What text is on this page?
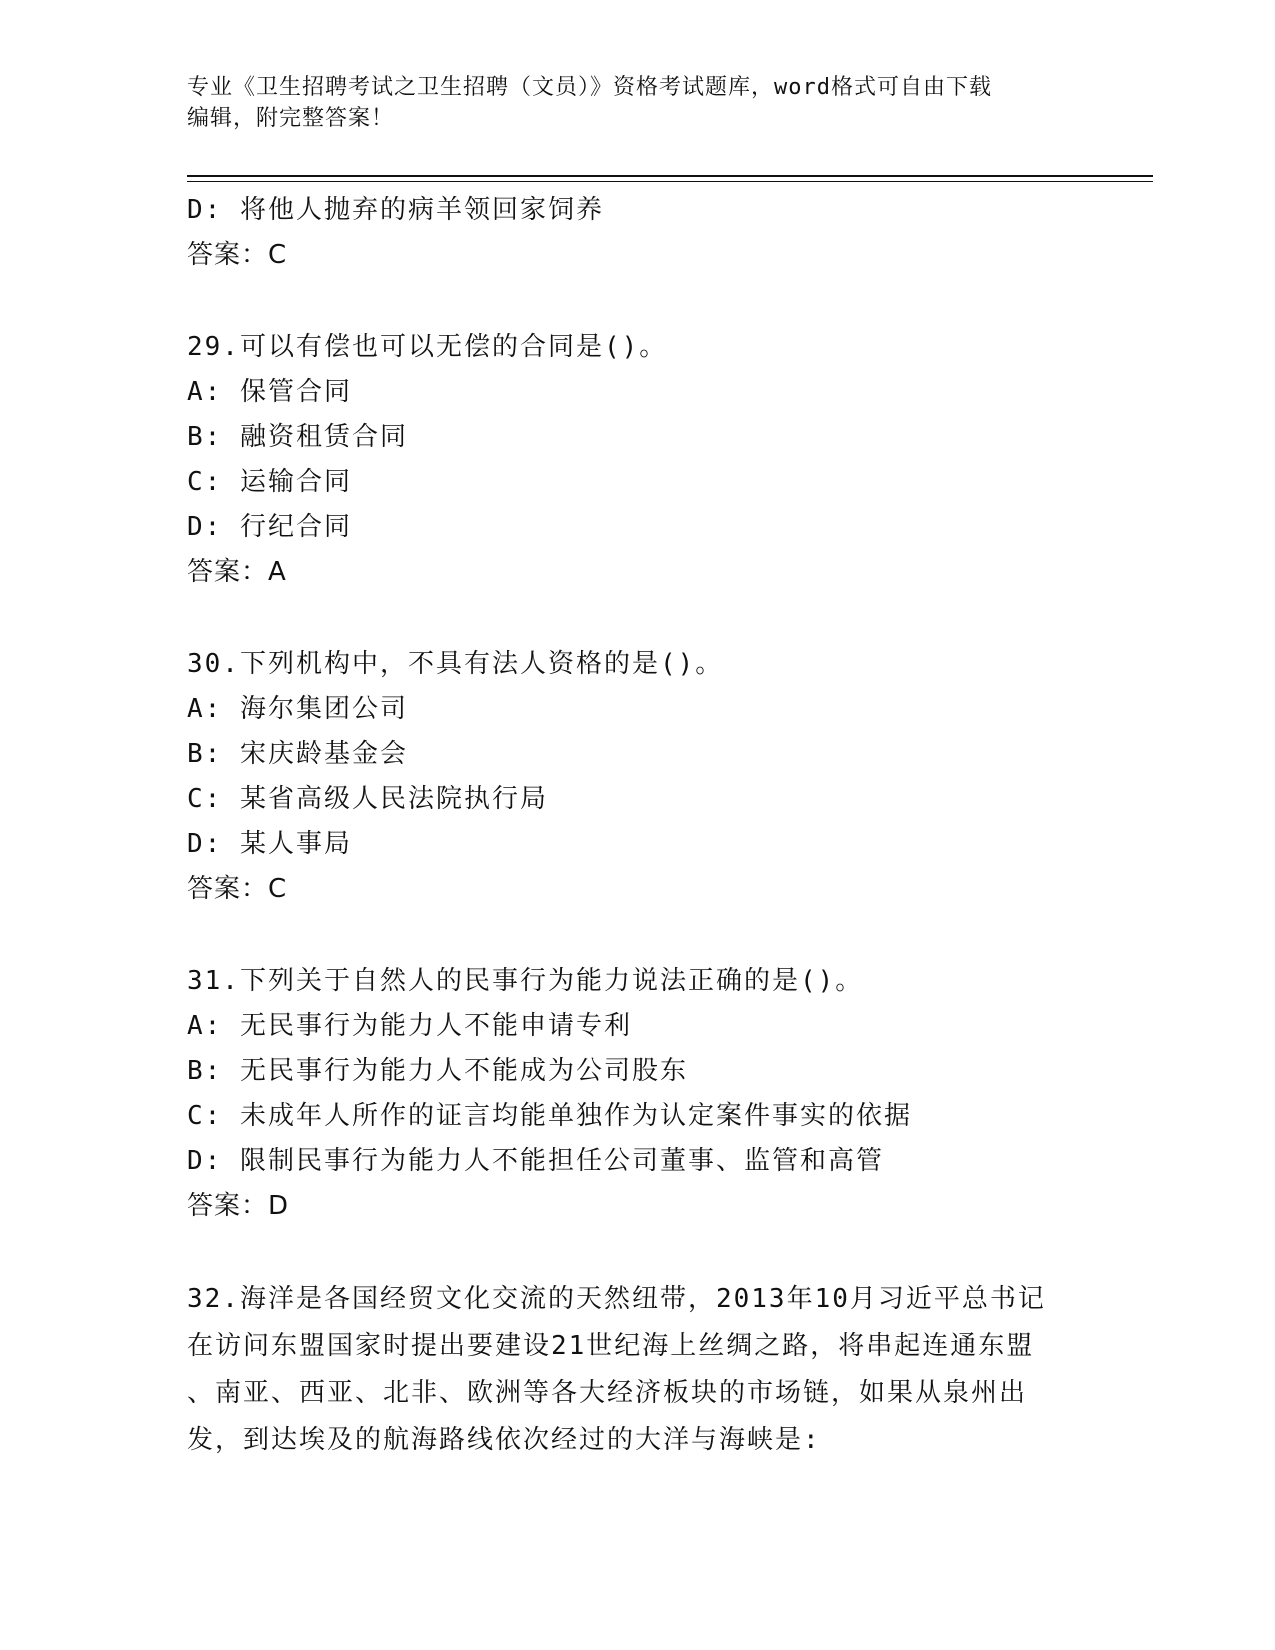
专业《卫生招聘考试之卫生招聘（文员）》资格考试题库，word格式可自由下载
编辑，附完整答案！
D: 将他人抛弃的病羊领回家饲养
答案：C
29.可以有偿也可以无偿的合同是()。
A: 保管合同
B: 融资租赁合同
C: 运输合同
D: 行纪合同
答案：A
30.下列机构中，不具有法人资格的是()。
A: 海尔集团公司
B: 宋庆龄基金会
C: 某省高级人民法院执行局
D: 某人事局
答案：C
31.下列关于自然人的民事行为能力说法正确的是()。
A: 无民事行为能力人不能申请专利
B: 无民事行为能力人不能成为公司股东
C: 未成年人所作的证言均能单独作为认定案件事实的依据
D: 限制民事行为能力人不能担任公司董事、监管和高管
答案：D
32.海洋是各国经贸文化交流的天然纽带，2013年10月习近平总书记
在访问东盟国家时提出要建设21世纪海上丝绸之路，将串起连通东盟
、南亚、西亚、北非、欧洲等各大经济板块的市场链，如果从泉州出
发，到达埃及的航海路线依次经过的大洋与海峡是:
